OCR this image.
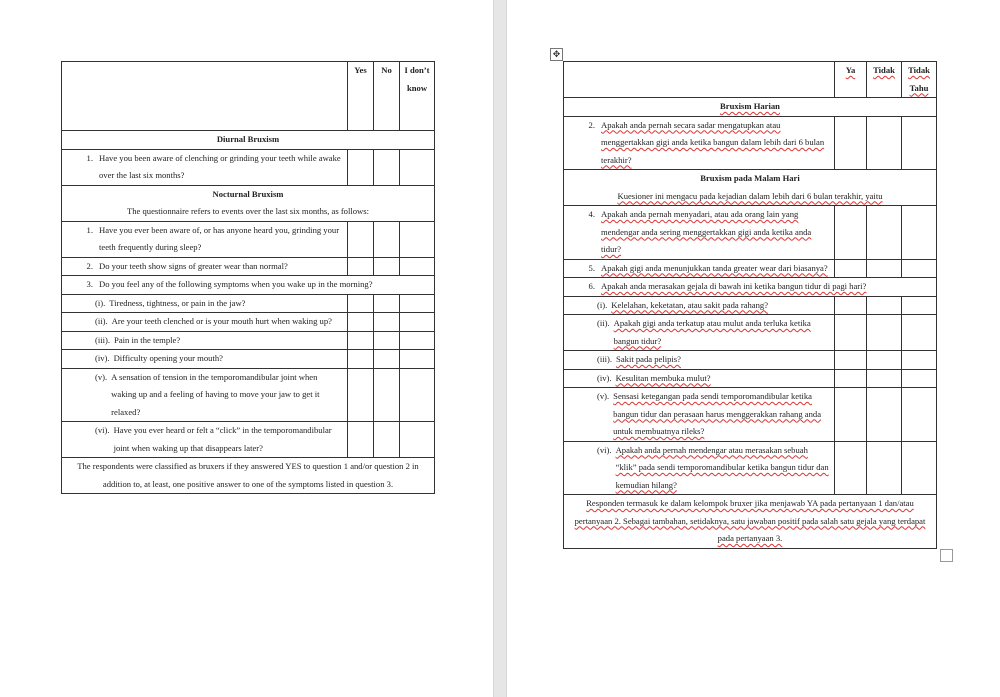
	Yes	No	I don’t know
Diurnal Bruxism			

1. Have you been aware of clenching or grinding your teeth while awake over the last six months?			

Nocturnal Bruxism
The questionnaire refers to events over the last six months, as follows:			

1. Have you ever been aware of, or has anyone heard you, grinding your teeth frequently during sleep?			

2. Do your teeth show signs of greater wear than normal?			

3. Do you feel any of the following symptoms when you wake up in the morning?			

(i). Tiredness, tightness, or pain in the jaw?			

(ii). Are your teeth clenched or is your mouth hurt when waking up?			

(iii). Pain in the temple?			

(iv). Difficulty opening your mouth?			

(v). A sensation of tension in the temporomandibular joint when waking up and a feeling of having to move your jaw to get it relaxed?			

(vi). Have you ever heard or felt a “click” in the temporomandibular joint when waking up that disappears later?			

The respondents were classified as bruxers if they answered YES to question 1 and/or question 2 in addition to, at least, one positive answer to one of the symptoms listed in question 3.			
✥
	Ya	Tidak	Tidak Tahu
Bruxism Harian			

2. Apakah anda pernah secara sadar mengatupkan atau menggertakkan gigi anda ketika bangun dalam lebih dari 6 bulan terakhir?			

Bruxism pada Malam Hari
Kuesioner ini mengacu pada kejadian dalam lebih dari 6 bulan terakhir, yaitu			

4. Apakah anda pernah menyadari, atau ada orang lain yang mendengar anda sering menggertakkan gigi anda ketika anda tidur?			

5. Apakah gigi anda menunjukkan tanda greater wear dari biasanya?			

6. Apakah anda merasakan gejala di bawah ini ketika bangun tidur di pagi hari?			

(i). Kelelahan, keketatan, atau sakit pada rahang?			

(ii). Apakah gigi anda terkatup atau mulut anda terluka ketika bangun tidur?			

(iii). Sakit pada pelipis?			

(iv). Kesulitan membuka mulut?			

(v). Sensasi ketegangan pada sendi temporomandibular ketika bangun tidur dan perasaan harus menggerakkan rahang anda untuk membuatnya rileks?			

(vi). Apakah anda pernah mendengar atau merasakan sebuah “klik” pada sendi temporomandibular ketika bangun tidur dan kemudian hilang?			

Responden termasuk ke dalam kelompok bruxer jika menjawab YA pada pertanyaan 1 dan/atau pertanyaan 2. Sebagai tambahan, setidaknya, satu jawaban positif pada salah satu gejala yang terdapat pada pertanyaan 3.			
